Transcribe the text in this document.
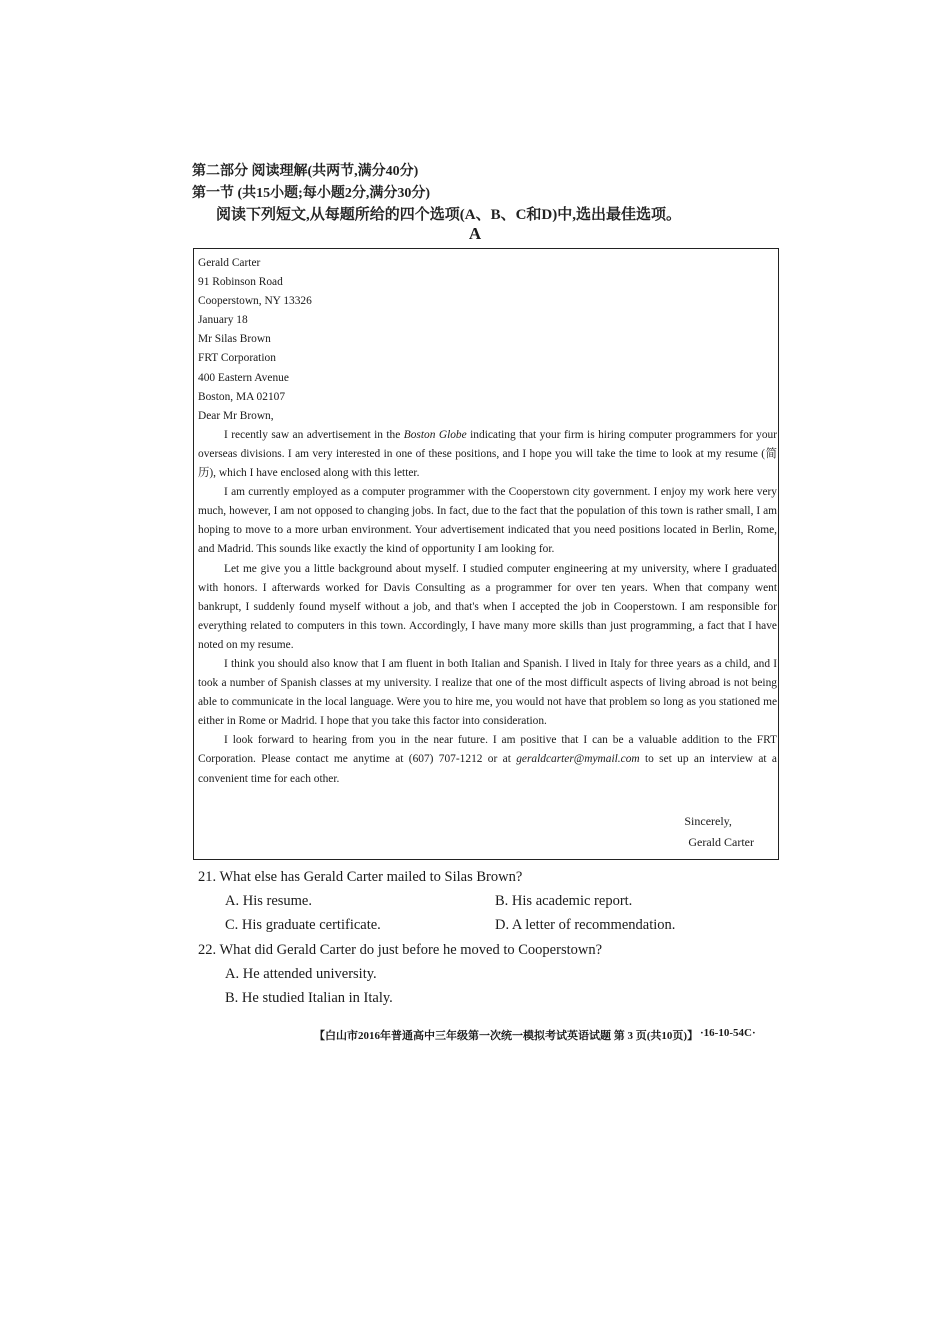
第二部分 阅读理解(共两节,满分40分)
第一节 (共15小题;每小题2分,满分30分)
阅读下列短文,从每题所给的四个选项(A、B、C和D)中,选出最佳选项。
A

Gerald Carter

91 Robinson Road

Cooperstown, NY 13326

January 18

Mr Silas Brown

FRT Corporation

400 Eastern Avenue

Boston, MA 02107

Dear Mr Brown,

I recently saw an advertisement in the Boston Globe indicating that your firm is hiring computer programmers for your overseas divisions. I am very interested in one of these positions, and I hope you will take the time to look at my resume (简历), which I have enclosed along with this letter.

I am currently employed as a computer programmer with the Cooperstown city government. I enjoy my work here very much, however, I am not opposed to changing jobs. In fact, due to the fact that the population of this town is rather small, I am hoping to move to a more urban environment. Your advertisement indicated that you need positions located in Berlin, Rome, and Madrid. This sounds like exactly the kind of opportunity I am looking for.

Let me give you a little background about myself. I studied computer engineering at my university, where I graduated with honors. I afterwards worked for Davis Consulting as a programmer for over ten years. When that company went bankrupt, I suddenly found myself without a job, and that's when I accepted the job in Cooperstown. I am responsible for everything related to computers in this town. Accordingly, I have many more skills than just programming, a fact that I have noted on my resume.

I think you should also know that I am fluent in both Italian and Spanish. I lived in Italy for three years as a child, and I took a number of Spanish classes at my university. I realize that one of the most difficult aspects of living abroad is not being able to communicate in the local language. Were you to hire me, you would not have that problem so long as you stationed me either in Rome or Madrid. I hope that you take this factor into consideration.

I look forward to hearing from you in the near future. I am positive that I can be a valuable addition to the FRT Corporation. Please contact me anytime at (607) 707-1212 or at geraldcarter@mymail.com to set up an interview at a convenient time for each other.

Sincerely,
Gerald Carter
21. What else has Gerald Carter mailed to Silas Brown?
A. His resume.	B. His academic report.
C. His graduate certificate.	D. A letter of recommendation.
22. What did Gerald Carter do just before he moved to Cooperstown?
A. He attended university.
B. He studied Italian in Italy.
【白山市2016年普通高中三年级第一次统一模拟考试英语试题 第 3 页(共10页)】 ·16-10-54C·
